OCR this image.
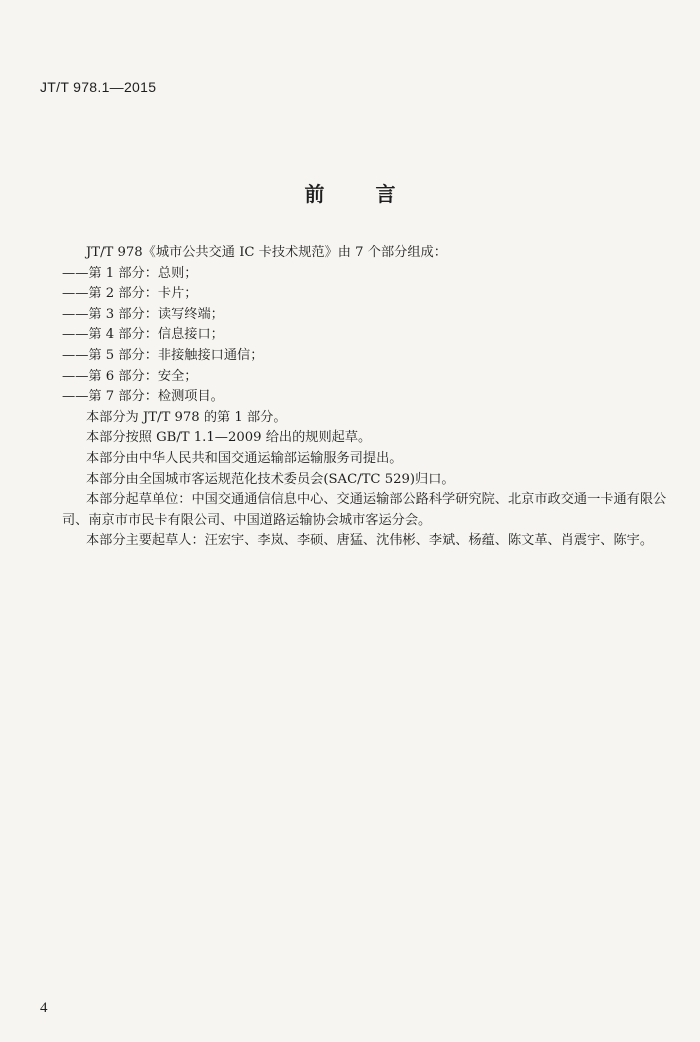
JT/T 978.1—2015
前 言

JT/T 978《城市公共交通 IC 卡技术规范》由 7 个部分组成：

——第 1 部分：总则；

——第 2 部分：卡片；

——第 3 部分：读写终端；

——第 4 部分：信息接口；

——第 5 部分：非接触接口通信；

——第 6 部分：安全；

——第 7 部分：检测项目。

本部分为 JT/T 978 的第 1 部分。

本部分按照 GB/T 1.1—2009 给出的规则起草。

本部分由中华人民共和国交通运输部运输服务司提出。

本部分由全国城市客运规范化技术委员会(SAC/TC 529)归口。

本部分起草单位：中国交通通信信息中心、交通运输部公路科学研究院、北京市政交通一卡通有限公司、南京市市民卡有限公司、中国道路运输协会城市客运分会。

本部分主要起草人：汪宏宇、李岚、李硕、唐猛、沈伟彬、李斌、杨蕴、陈文革、肖震宇、陈宇。

4
